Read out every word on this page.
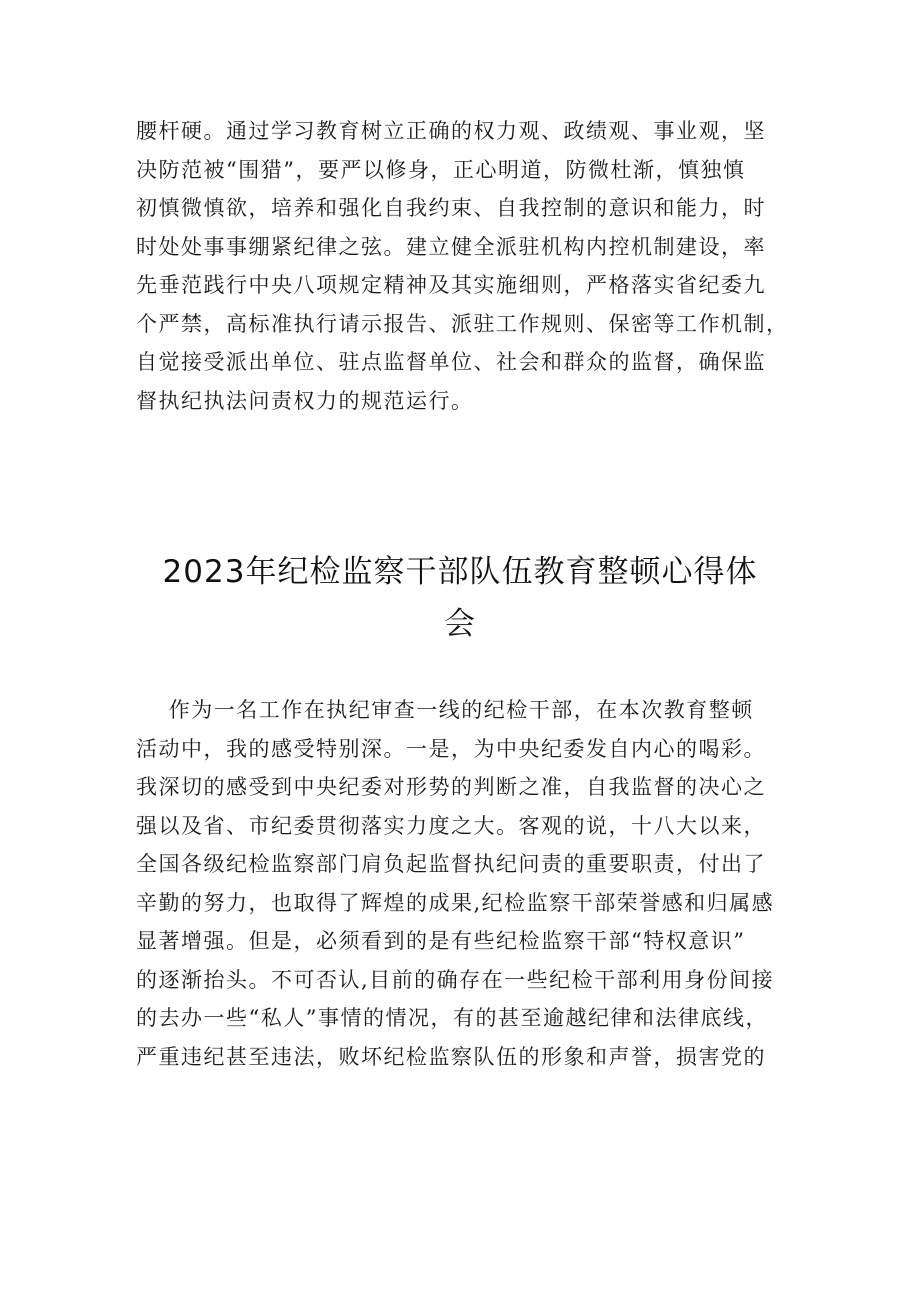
腰杆硬。通过学习教育树立正确的权力观、政绩观、事业观，坚
决防范被“围猎”，要严以修身，正心明道，防微杜渐，慎独慎
初慎微慎欲，培养和强化自我约束、自我控制的意识和能力，时
时处处事事绷紧纪律之弦。建立健全派驻机构内控机制建设，率
先垂范践行中央八项规定精神及其实施细则，严格落实省纪委九
个严禁，高标准执行请示报告、派驻工作规则、保密等工作机制，
自觉接受派出单位、驻点监督单位、社会和群众的监督，确保监
督执纪执法问责权力的规范运行。
2023年纪检监察干部队伍教育整顿心得体
会
作为一名工作在执纪审查一线的纪检干部，在本次教育整顿
活动中，我的感受特别深。一是，为中央纪委发自内心的喝彩。
我深切的感受到中央纪委对形势的判断之准，自我监督的决心之
强以及省、市纪委贯彻落实力度之大。客观的说，十八大以来，
全国各级纪检监察部门肩负起监督执纪问责的重要职责，付出了
辛勤的努力，也取得了辉煌的成果,纪检监察干部荣誉感和归属感
显著增强。但是，必须看到的是有些纪检监察干部“特权意识”
的逐渐抬头。不可否认,目前的确存在一些纪检干部利用身份间接
的去办一些“私人”事情的情况，有的甚至逾越纪律和法律底线，
严重违纪甚至违法，败坏纪检监察队伍的形象和声誉，损害党的
